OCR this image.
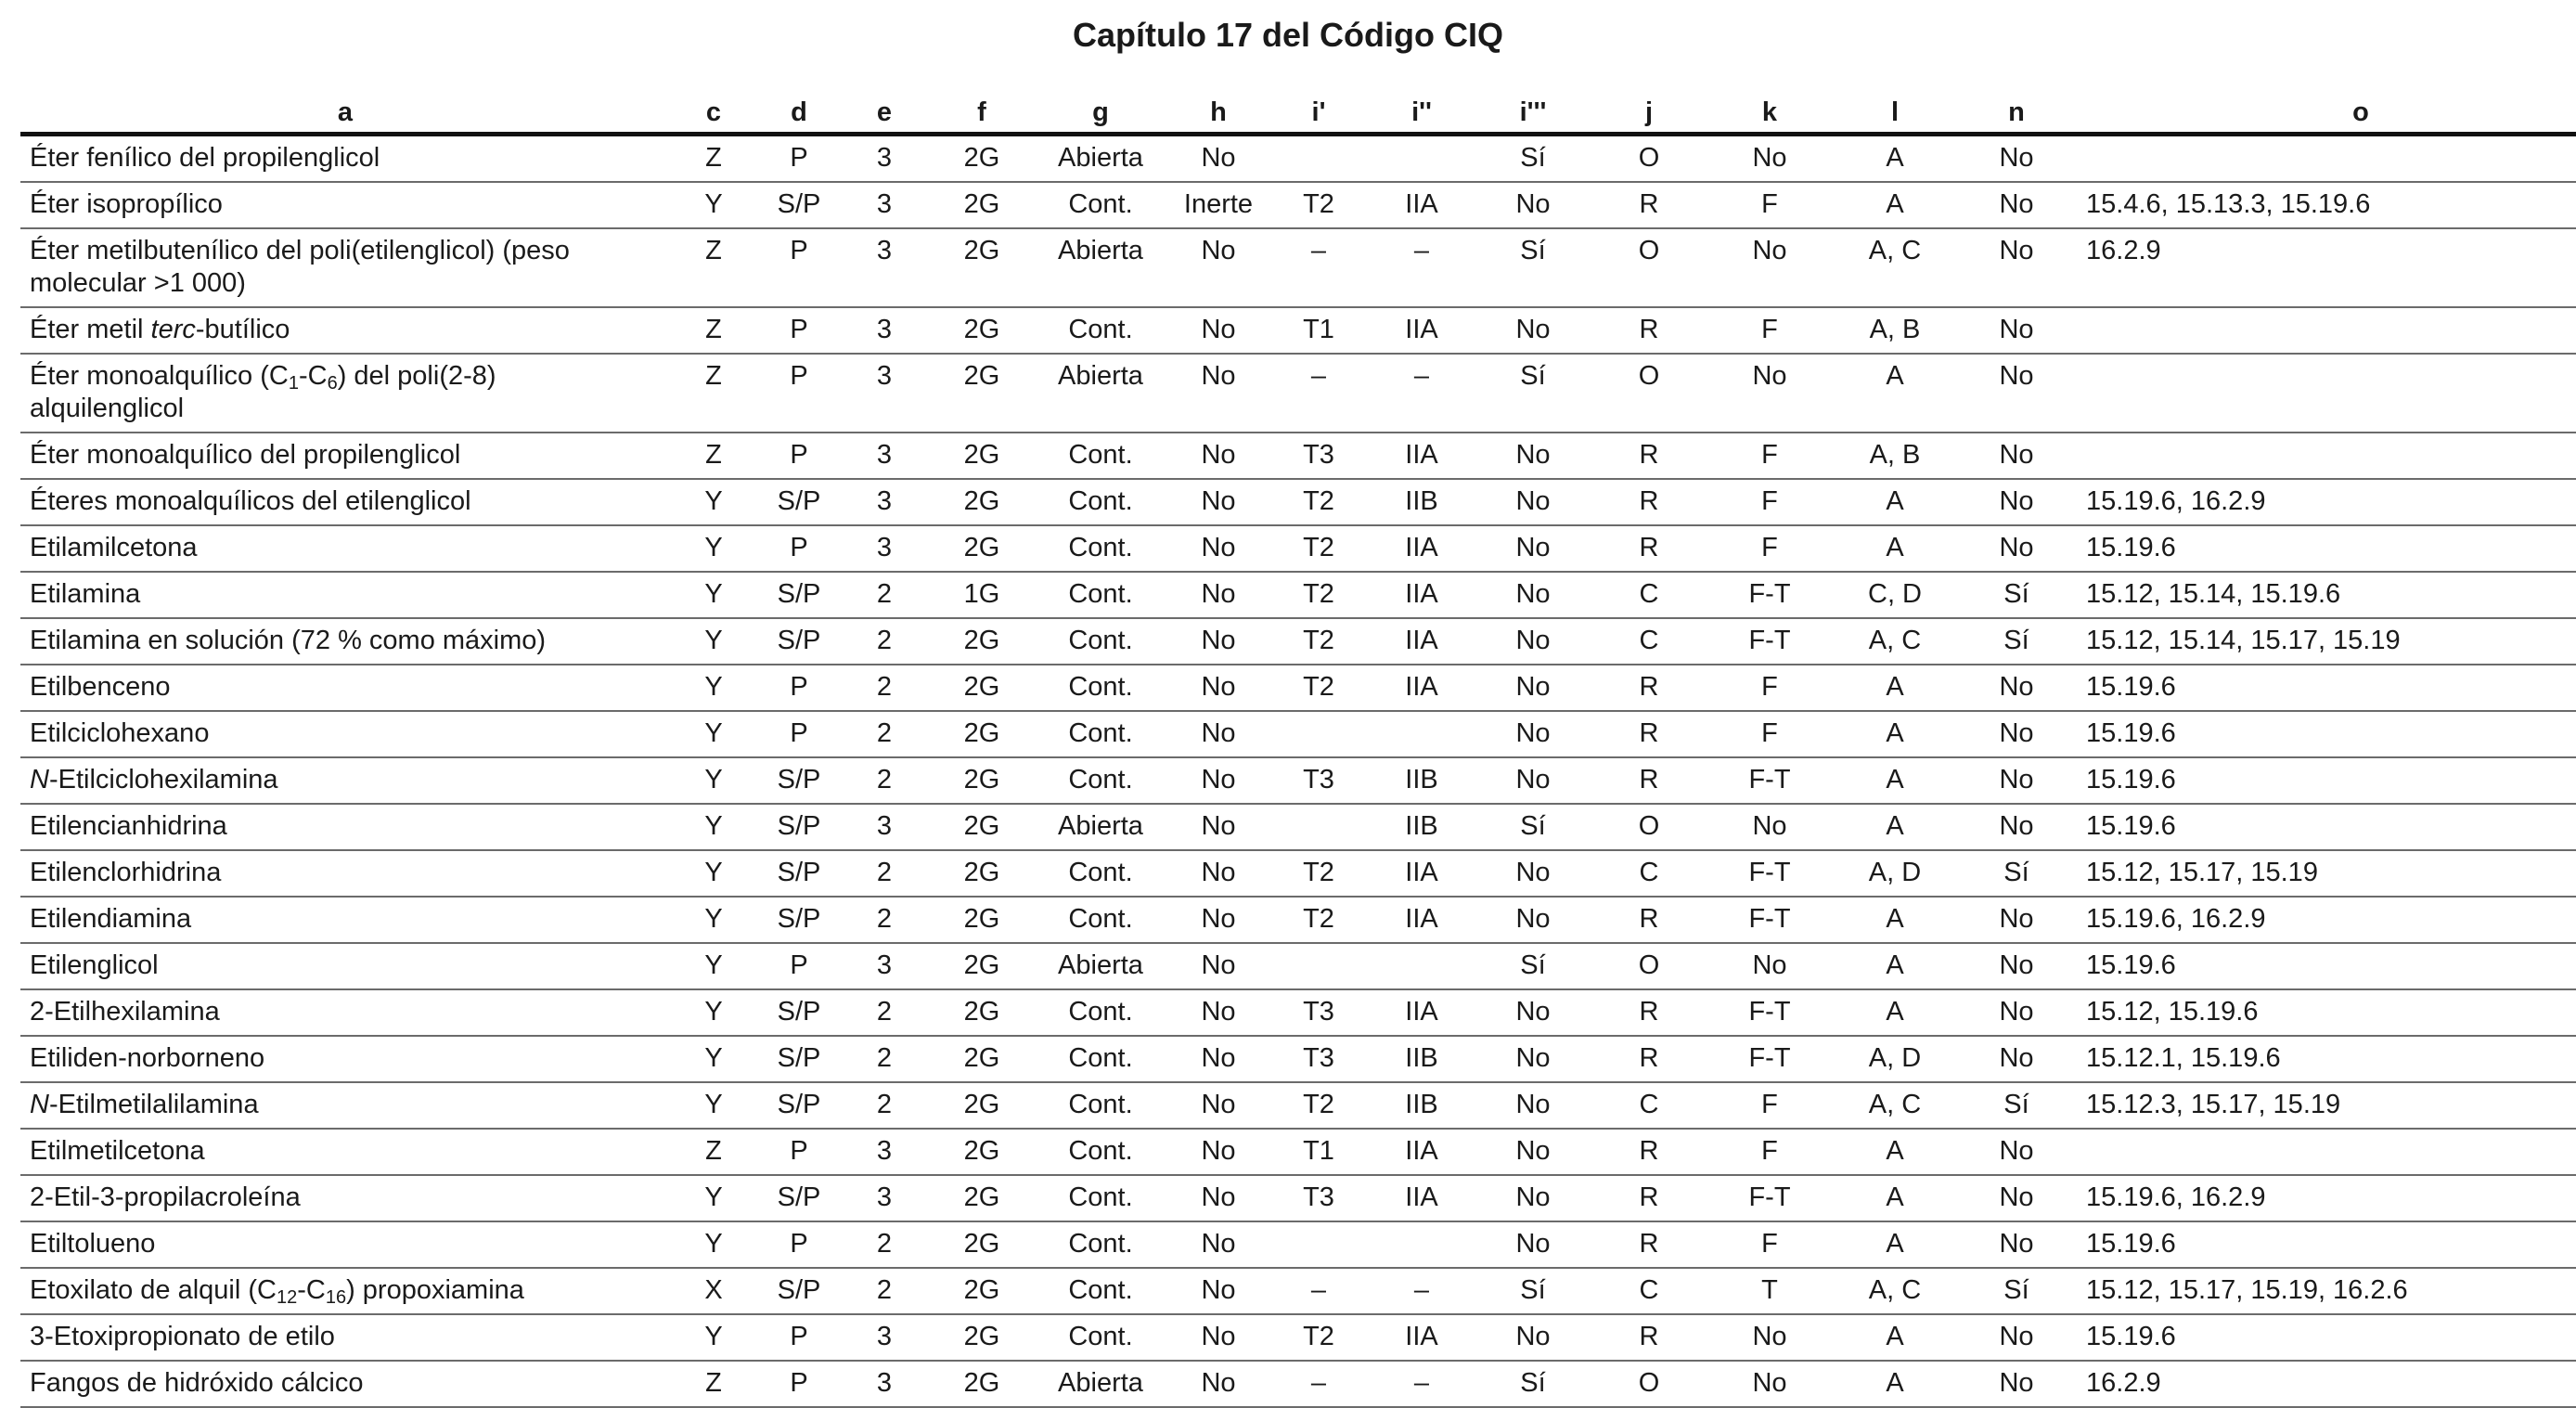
Capítulo 17 del Código CIQ
a	c	d	e	f	g	h	i'	i''	i'''	j	k	l	n	o
Éter fenílico del propilenglicol	Z	P	3	2G	Abierta	No			Sí	O	No	A	No	
Éter isopropílico	Y	S/P	3	2G	Cont.	Inerte	T2	IIA	No	R	F	A	No	15.4.6, 15.13.3, 15.19.6
Éter metilbutenílico del poli(etilenglicol) (peso molecular >1 000)	Z	P	3	2G	Abierta	No	–	–	Sí	O	No	A, C	No	16.2.9
Éter metil terc-butílico	Z	P	3	2G	Cont.	No	T1	IIA	No	R	F	A, B	No	
Éter monoalquílico $(C_1-C_6)$ del poli(2-8) alquilenglicol	Z	P	3	2G	Abierta	No	–	–	Sí	O	No	A	No	
Éter monoalquílico del propilenglicol	Z	P	3	2G	Cont.	No	T3	IIA	No	R	F	A, B	No	
Éteres monoalquílicos del etilenglicol	Y	S/P	3	2G	Cont.	No	T2	IIB	No	R	F	A	No	15.19.6, 16.2.9
Etilamilcetona	Y	P	3	2G	Cont.	No	T2	IIA	No	R	F	A	No	15.19.6
Etilamina	Y	S/P	2	1G	Cont.	No	T2	IIA	No	C	F-T	C, D	Sí	15.12, 15.14, 15.19.6
Etilamina en solución (72 % como máximo)	Y	S/P	2	2G	Cont.	No	T2	IIA	No	C	F-T	A, C	Sí	15.12, 15.14, 15.17, 15.19
Etilbenceno	Y	P	2	2G	Cont.	No	T2	IIA	No	R	F	A	No	15.19.6
Etilciclohexano	Y	P	2	2G	Cont.	No			No	R	F	A	No	15.19.6
N-Etilciclohexilamina	Y	S/P	2	2G	Cont.	No	T3	IIB	No	R	F-T	A	No	15.19.6
Etilencianhidrina	Y	S/P	3	2G	Abierta	No		IIB	Sí	O	No	A	No	15.19.6
Etilenclorhidrina	Y	S/P	2	2G	Cont.	No	T2	IIA	No	C	F-T	A, D	Sí	15.12, 15.17, 15.19
Etilendiamina	Y	S/P	2	2G	Cont.	No	T2	IIA	No	R	F-T	A	No	15.19.6, 16.2.9
Etilenglicol	Y	P	3	2G	Abierta	No			Sí	O	No	A	No	15.19.6
2-Etilhexilamina	Y	S/P	2	2G	Cont.	No	T3	IIA	No	R	F-T	A	No	15.12, 15.19.6
Etiliden-norborneno	Y	S/P	2	2G	Cont.	No	T3	IIB	No	R	F-T	A, D	No	15.12.1, 15.19.6
N-Etilmetilalilamina	Y	S/P	2	2G	Cont.	No	T2	IIB	No	C	F	A, C	Sí	15.12.3, 15.17, 15.19
Etilmetilcetona	Z	P	3	2G	Cont.	No	T1	IIA	No	R	F	A	No	
2-Etil-3-propilacroleína	Y	S/P	3	2G	Cont.	No	T3	IIA	No	R	F-T	A	No	15.19.6, 16.2.9
Etiltolueno	Y	P	2	2G	Cont.	No			No	R	F	A	No	15.19.6
Etoxilato de alquil $(C_{12}-C_{16})$ propoxiamina	X	S/P	2	2G	Cont.	No	–	–	Sí	C	T	A, C	Sí	15.12, 15.17, 15.19, 16.2.6
3-Etoxipropionato de etilo	Y	P	3	2G	Cont.	No	T2	IIA	No	R	No	A	No	15.19.6
Fangos de hidróxido cálcico	Z	P	3	2G	Abierta	No	–	–	Sí	O	No	A	No	16.2.9
